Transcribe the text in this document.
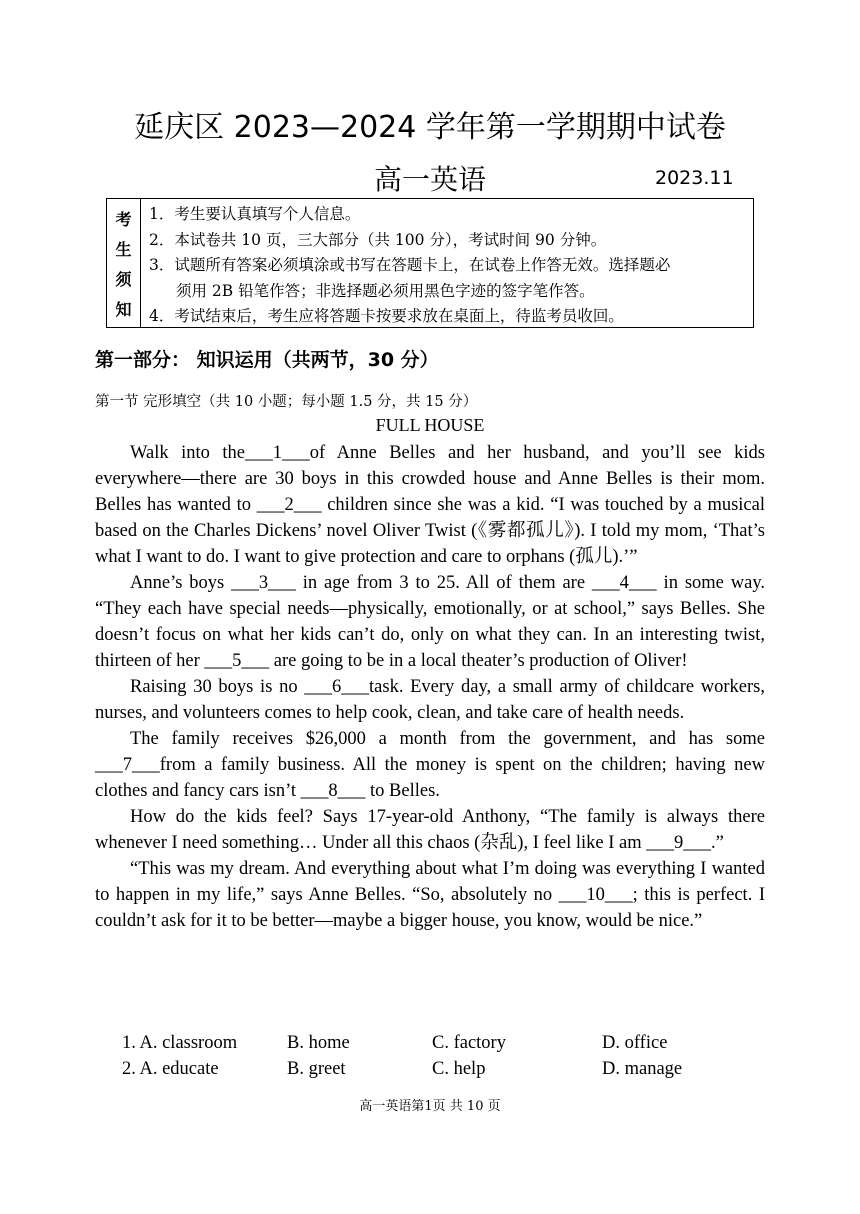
延庆区 2023—2024 学年第一学期期中试卷
高一英语	2023.11
考
生
须
知
1．考生要认真填写个人信息。
2．本试卷共 10 页，三大部分（共 100 分），考试时间 90 分钟。
3．试题所有答案必须填涂或书写在答题卡上，在试卷上作答无效。选择题必
须用 2B 铅笔作答；非选择题必须用黑色字迹的签字笔作答。
4．考试结束后，考生应将答题卡按要求放在桌面上，待监考员收回。
第一部分： 知识运用（共两节，30 分）
第一节 完形填空（共 10 小题；每小题 1.5 分，共 15 分）
FULL HOUSE

Walk into the___1___of Anne Belles and her husband, and you’ll see kids everywhere—there are 30 boys in this crowded house and Anne Belles is their mom. Belles has wanted to ___2___ children since she was a kid. “I was touched by a musical based on the Charles Dickens’ novel Oliver Twist (《雾都孤儿》). I told my mom, ‘That’s what I want to do. I want to give protection and care to orphans (孤儿).’”

Anne’s boys ___3___ in age from 3 to 25. All of them are ___4___ in some way. “They each have special needs—physically, emotionally, or at school,” says Belles. She doesn’t focus on what her kids can’t do, only on what they can. In an interesting twist, thirteen of her ___5___ are going to be in a local theater’s production of Oliver!

Raising 30 boys is no ___6___task. Every day, a small army of childcare workers, nurses, and volunteers comes to help cook, clean, and take care of health needs.

The family receives $26,000 a month from the government, and has some ___7___from a family business. All the money is spent on the children; having new clothes and fancy cars isn’t ___8___ to Belles.

How do the kids feel? Says 17-year-old Anthony, “The family is always there whenever I need something… Under all this chaos (杂乱), I feel like I am ___9___.”

“This was my dream. And everything about what I’m doing was everything I wanted to happen in my life,” says Anne Belles. “So, absolutely no ___10___; this is perfect. I couldn’t ask for it to be better—maybe a bigger house, you know, would be nice.”

1. A. classroom	B. home	C. factory	D. office
2. A. educate	B. greet	C. help	D. manage
高一英语第1页 共 10 页
